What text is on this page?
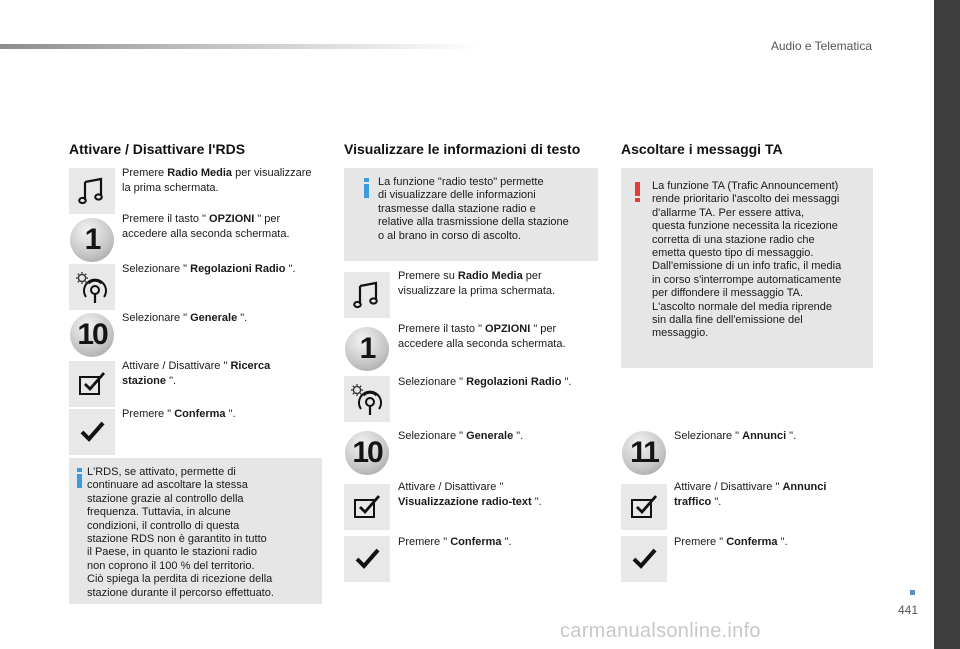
Audio e Telematica
Attivare / Disattivare l'RDS
Premere Radio Media per visualizzare la prima schermata.
1
Premere il tasto " OPZIONI " per accedere alla seconda schermata.
Selezionare " Regolazioni Radio ".
10 Selezionare " Generale ".
Attivare / Disattivare " Ricerca stazione ".
Premere " Conferma ".
L'RDS, se attivato, permette di
continuare ad ascoltare la stessa
stazione grazie al controllo della
frequenza. Tuttavia, in alcune
condizioni, il controllo di questa
stazione RDS non è garantito in tutto
il Paese, in quanto le stazioni radio
non coprono il 100 % del territorio.
Ciò spiega la perdita di ricezione della
stazione durante il percorso effettuato.
Visualizzare le informazioni di testo
La funzione "radio testo" permette
di visualizzare delle informazioni
trasmesse dalla stazione radio e
relative alla trasmissione della stazione
o al brano in corso di ascolto.
Premere su Radio Media per visualizzare la prima schermata.
1
Premere il tasto " OPZIONI " per accedere alla seconda schermata.
Selezionare " Regolazioni Radio ".
10 Selezionare " Generale ".
Attivare / Disattivare "
Visualizzazione radio-text ".
Premere " Conferma ".
Ascoltare i messaggi TA
La funzione TA (Trafic Announcement)
rende prioritario l'ascolto dei messaggi
d'allarme TA. Per essere attiva,
questa funzione necessita la ricezione
corretta di una stazione radio che
emetta questo tipo di messaggio.
Dall'emissione di un info trafic, il media
in corso s'interrompe automaticamente
per diffondere il messaggio TA.
L'ascolto normale del media riprende
sin dalla fine dell'emissione del
messaggio.
11 Selezionare " Annunci ".
Attivare / Disattivare " Annunci traffico ".
Premere " Conferma ".
441
carmanualsonline.info
